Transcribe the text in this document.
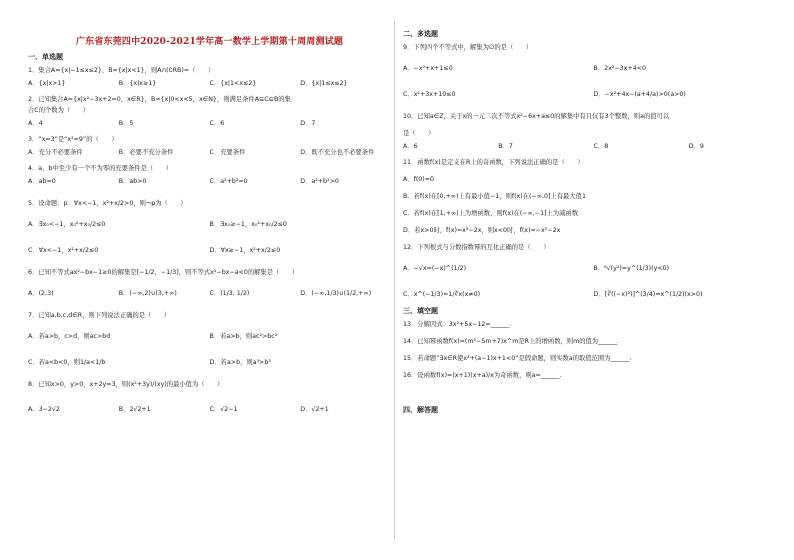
广东省东莞四中2020-2021学年高一数学上学期第十周周测试题
一、单选题
1．集合A={x|−1≤x≤2}，B={x|x<1}，则A∩(∁RB)=（　　）
A．{x|x>1}	B．{x|x≥1}	C．{x|1<x≤2}	D．{x|1≤x≤2}
2．已知集合A={x|x²−3x+2=0，x∈R}，B={x|0<x<5，x∈N}，则满足条件A⊆C⊆B的集
合C的个数为（　　）
A．4	B．5	C．6	D．7
3．“x=3”是“x²=9”的（　　）
A．充分不必要条件	B．必要不充分条件	C．充要条件	D．既不充分也不必要条件
4．a，b中至少有一个不为零的充要条件是（　　）
A．ab=0	B．ab>0	C．a²+b²=0	D．a²+b²>0
5．设命题：p：∀x<−1，x²+x/2>0，则¬p为（　　）
A．∃x₀<−1，x₀²+x₀/2≤0	B．∃x₀≥−1，x₀²+x₀/2≤0
C．∀x<−1，x²+x/2≤0	D．∀x≥−1，x²+x/2≤0
6．已知不等式ax²−bx−1≥0的解集是[−1/2，−1/3]，则不等式x²−bx−a<0的解集是（　　）
A．(2,3)	B．(−∞,2)∪(3,+∞)	C．(1/3, 1/2)	D．(−∞,1/3)∪(1/2,+∞)
7．已知a,b,c,d∈R，则下列说法正确的是（　　）
A．若a>b，c>d，则ac>bd	B．若a>b，则ac²>bc²
C．若a<b<0，则1/a<1/b	D．若a>b，则a³>b³
8．已知x>0，y>0，x+2y=3，则(x²+3y)/(xy)的最小值为（　　）
A．3−2√2	B．2√2+1	C．√2−1	D．√2+1
二、多选题
9．下列四个不等式中，解集为∅的是（　　）
A．−x²+x+1≤0	B．2x²−3x+4<0
C．x²+3x+10≤0	D．−x²+4x−(a+4/a)>0(a>0)
10．已知a∈Z，关于x的一元二次不等式x²−6x+a≤0的解集中有且仅有3个整数，则a的值可以
是（　　）
A．6	B．7	C．8	D．9
11．函数f(x)是定义在R上的奇函数，下列说法正确的是（　　）
A．f(0)=0
B．若f(x)在[0,+∞)上有最小值−1，则f(x)在(−∞,0]上有最大值1
C．若f(x)在[1,+∞)上为增函数，则f(x)在(−∞,−1]上为减函数
D．若x>0时，f(x)=x²−2x，则x<0时，f(x)=−x²−2x
12．下列根式与分数指数幂的互化正确的是（　　）
A．−√x=(−x)^(1/2)	B．⁶√(y²)=y^(1/3)(y<0)
C．x^(−1/3)=1/∛x(x≠0)	D．[∛((−x)²)]^(3/4)=x^(1/2)(x>0)
三、填空题
13．分解因式：3x²+5x−12=______.
14．已知幂函数f(x)=(m²−5m+7)x^m是R上的增函数，则m的值为______.
15．若命题“∃x∈R使x²+(a−1)x+1<0”是假命题，则实数a的取值范围为______.
16．设函数f(x)=(x+1)(x+a)/x为奇函数，则a=______.
四、解答题
